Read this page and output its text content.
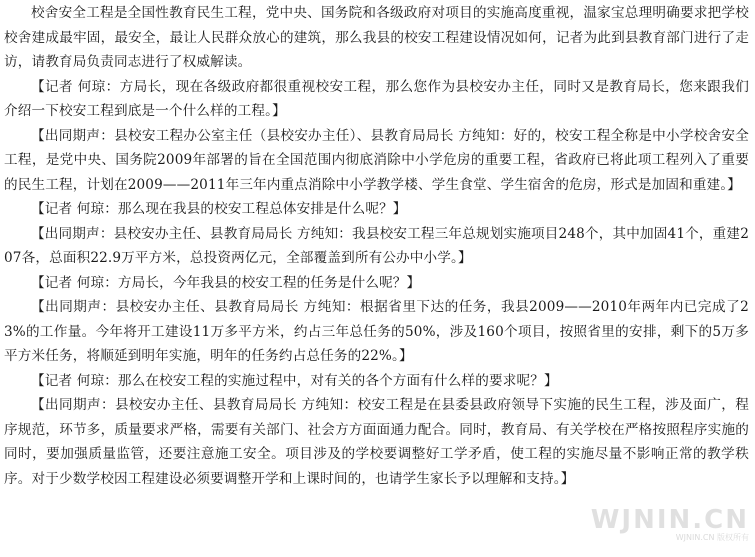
校舍安全工程是全国性教育民生工程，党中央、国务院和各级政府对项目的实施高度重视，温家宝总理明确要求把学校校舍建成最牢固，最安全，最让人民群众放心的建筑，那么我县的校安工程建设情况如何，记者为此到县教育部门进行了走访，请教育局负责同志进行了权威解读。

【记者 何琼：方局长，现在各级政府都很重视校安工程，那么您作为县校安办主任，同时又是教育局长，您来跟我们介绍一下校安工程到底是一个什么样的工程。】

【出同期声：县校安工程办公室主任（县校安办主任）、县教育局局长 方纯知：好的，校安工程全称是中小学校舍安全工程，是党中央、国务院2009年部署的旨在全国范围内彻底消除中小学危房的重要工程，省政府已将此项工程列入了重要的民生工程，计划在2009——2011年三年内重点消除中小学教学楼、学生食堂、学生宿舍的危房，形式是加固和重建。】

【记者 何琼：那么现在我县的校安工程总体安排是什么呢？】

【出同期声：县校安办主任、县教育局局长 方纯知：我县校安工程三年总规划实施项目248个，其中加固41个，重建207各，总面积22.9万平方米，总投资两亿元，全部覆盖到所有公办中小学。】

【记者 何琼：方局长，今年我县的校安工程的任务是什么呢？】

【出同期声：县校安办主任、县教育局局长 方纯知：根据省里下达的任务，我县2009——2010年两年内已完成了23%的工作量。今年将开工建设11万多平方米，约占三年总任务的50%，涉及160个项目，按照省里的安排，剩下的5万多平方米任务，将顺延到明年实施，明年的任务约占总任务的22%。】

【记者 何琼：那么在校安工程的实施过程中，对有关的各个方面有什么样的要求呢？】

【出同期声：县校安办主任、县教育局局长 方纯知：校安工程是在县委县政府领导下实施的民生工程，涉及面广，程序规范，环节多，质量要求严格，需要有关部门、社会方方面面通力配合。同时，教育局、有关学校在严格按照程序实施的同时，要加强质量监管，还要注意施工安全。项目涉及的学校要调整好工学矛盾，使工程的实施尽量不影响正常的教学秩序。对于少数学校因工程建设必须要调整开学和上课时间的，也请学生家长予以理解和支持。】

WJNIN.CN
WJNIN.CN 版权所有
